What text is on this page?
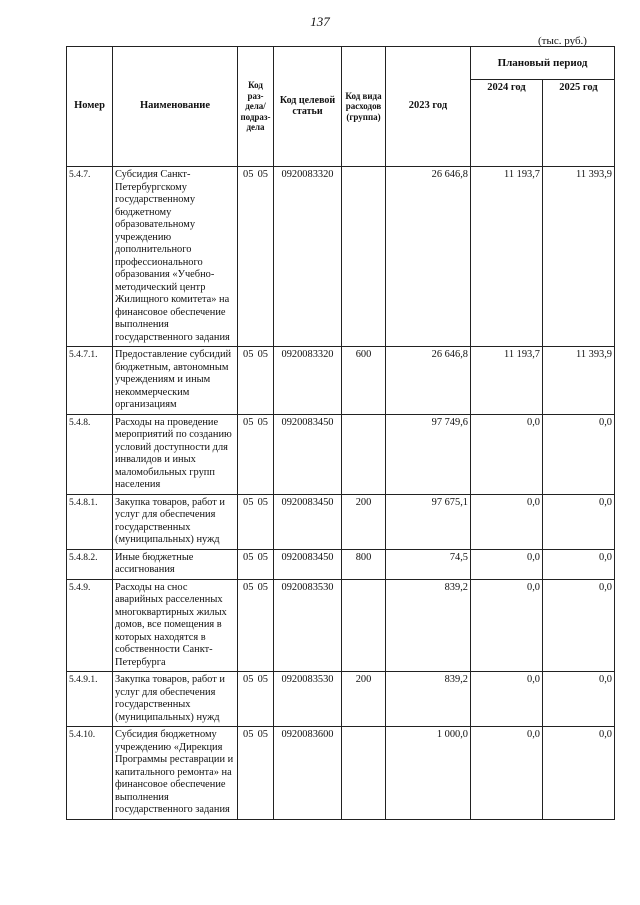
137
(тыс. руб.)
Номер	Наименование	Код раз-дела/ подраз-дела	Код целевой статьи	Код вида расходов (группа)	2023 год	Плановый период	
						2024 год	2025 год
5.4.7.	Субсидия Санкт-Петербургскому государственному бюджетному образовательному учреждению дополнительного профессионального образования «Учебно-методический центр Жилищного комитета» на финансовое обеспечение выполнения государственного задания	05 05	0920083320		26 646,8	11 193,7	11 393,9
5.4.7.1.	Предоставление субсидий бюджетным, автономным учреждениям и иным некоммерческим организациям	05 05	0920083320	600	26 646,8	11 193,7	11 393,9
5.4.8.	Расходы на проведение мероприятий по созданию условий доступности для инвалидов и иных маломобильных групп населения	05 05	0920083450		97 749,6	0,0	0,0
5.4.8.1.	Закупка товаров, работ и услуг для обеспечения государственных (муниципальных) нужд	05 05	0920083450	200	97 675,1	0,0	0,0
5.4.8.2.	Иные бюджетные ассигнования	05 05	0920083450	800	74,5	0,0	0,0
5.4.9.	Расходы на снос аварийных расселенных многоквартирных жилых домов, все помещения в которых находятся в собственности Санкт-Петербурга	05 05	0920083530		839,2	0,0	0,0
5.4.9.1.	Закупка товаров, работ и услуг для обеспечения государственных (муниципальных) нужд	05 05	0920083530	200	839,2	0,0	0,0
5.4.10.	Субсидия бюджетному учреждению «Дирекция Программы реставрации и капитального ремонта» на финансовое обеспечение выполнения государственного задания	05 05	0920083600		1 000,0	0,0	0,0
